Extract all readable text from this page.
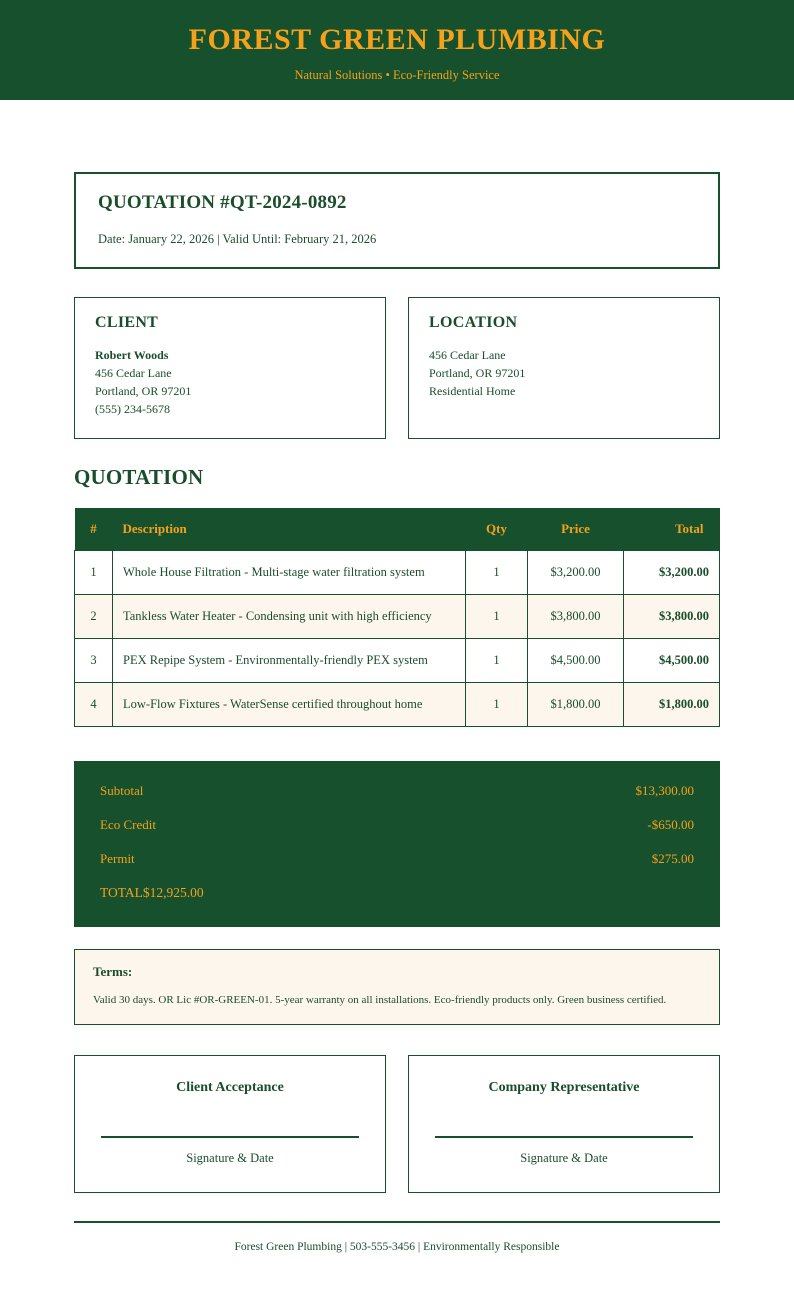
FOREST GREEN PLUMBING
Natural Solutions • Eco-Friendly Service
QUOTATION #QT-2024-0892
Date: January 22, 2026 | Valid Until: February 21, 2026
CLIENT
Robert Woods
456 Cedar Lane
Portland, OR 97201
(555) 234-5678
LOCATION
456 Cedar Lane
Portland, OR 97201
Residential Home
QUOTATION
#	Description	Qty	Price	Total
1	Whole House Filtration - Multi-stage water filtration system	1	$3,200.00	$3,200.00
2	Tankless Water Heater - Condensing unit with high efficiency	1	$3,800.00	$3,800.00
3	PEX Repipe System - Environmentally-friendly PEX system	1	$4,500.00	$4,500.00
4	Low-Flow Fixtures - WaterSense certified throughout home	1	$1,800.00	$1,800.00
Subtotal	$13,300.00
Eco Credit	-$650.00
Permit	$275.00
TOTAL$12,925.00
Terms:
Valid 30 days. OR Lic #OR-GREEN-01. 5-year warranty on all installations. Eco-friendly products only. Green business certified.
Client Acceptance
Signature & Date
Company Representative
Signature & Date
Forest Green Plumbing | 503-555-3456 | Environmentally Responsible
